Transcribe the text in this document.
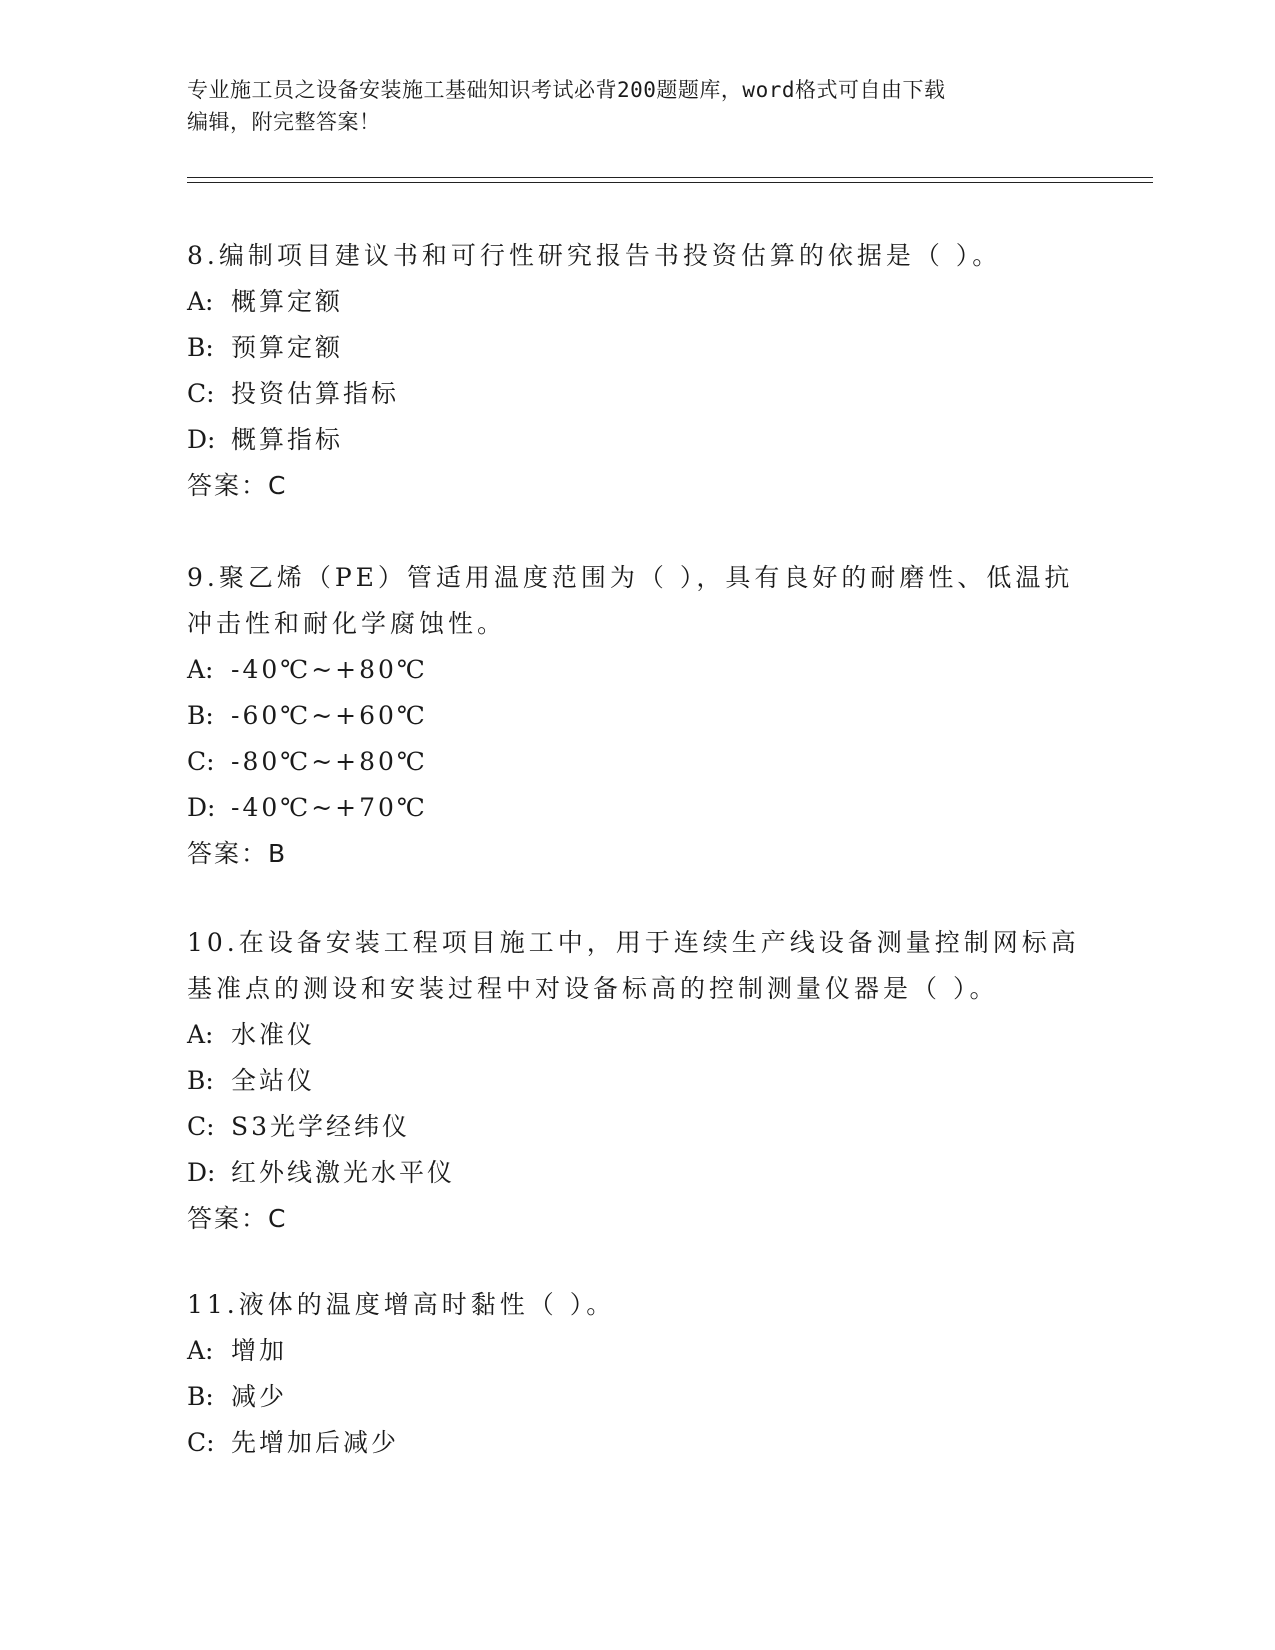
专业施工员之设备安装施工基础知识考试必背200题题库，word格式可自由下载
编辑，附完整答案！

8.编制项目建议书和可行性研究报告书投资估算的依据是（ ）。

A: 概算定额

B: 预算定额

C: 投资估算指标

D: 概算指标

答案：C

9.聚乙烯（PE）管适用温度范围为（ ），具有良好的耐磨性、低温抗冲击性和耐化学腐蚀性。

A: -40℃~+80℃

B: -60℃~+60℃

C: -80℃~+80℃

D: -40℃~+70℃

答案：B

10.在设备安装工程项目施工中，用于连续生产线设备测量控制网标高基准点的测设和安装过程中对设备标高的控制测量仪器是（ ）。

A: 水准仪

B: 全站仪

C: S3光学经纬仪

D: 红外线激光水平仪

答案：C

11.液体的温度增高时黏性（ ）。

A: 增加

B: 减少

C: 先增加后减少
